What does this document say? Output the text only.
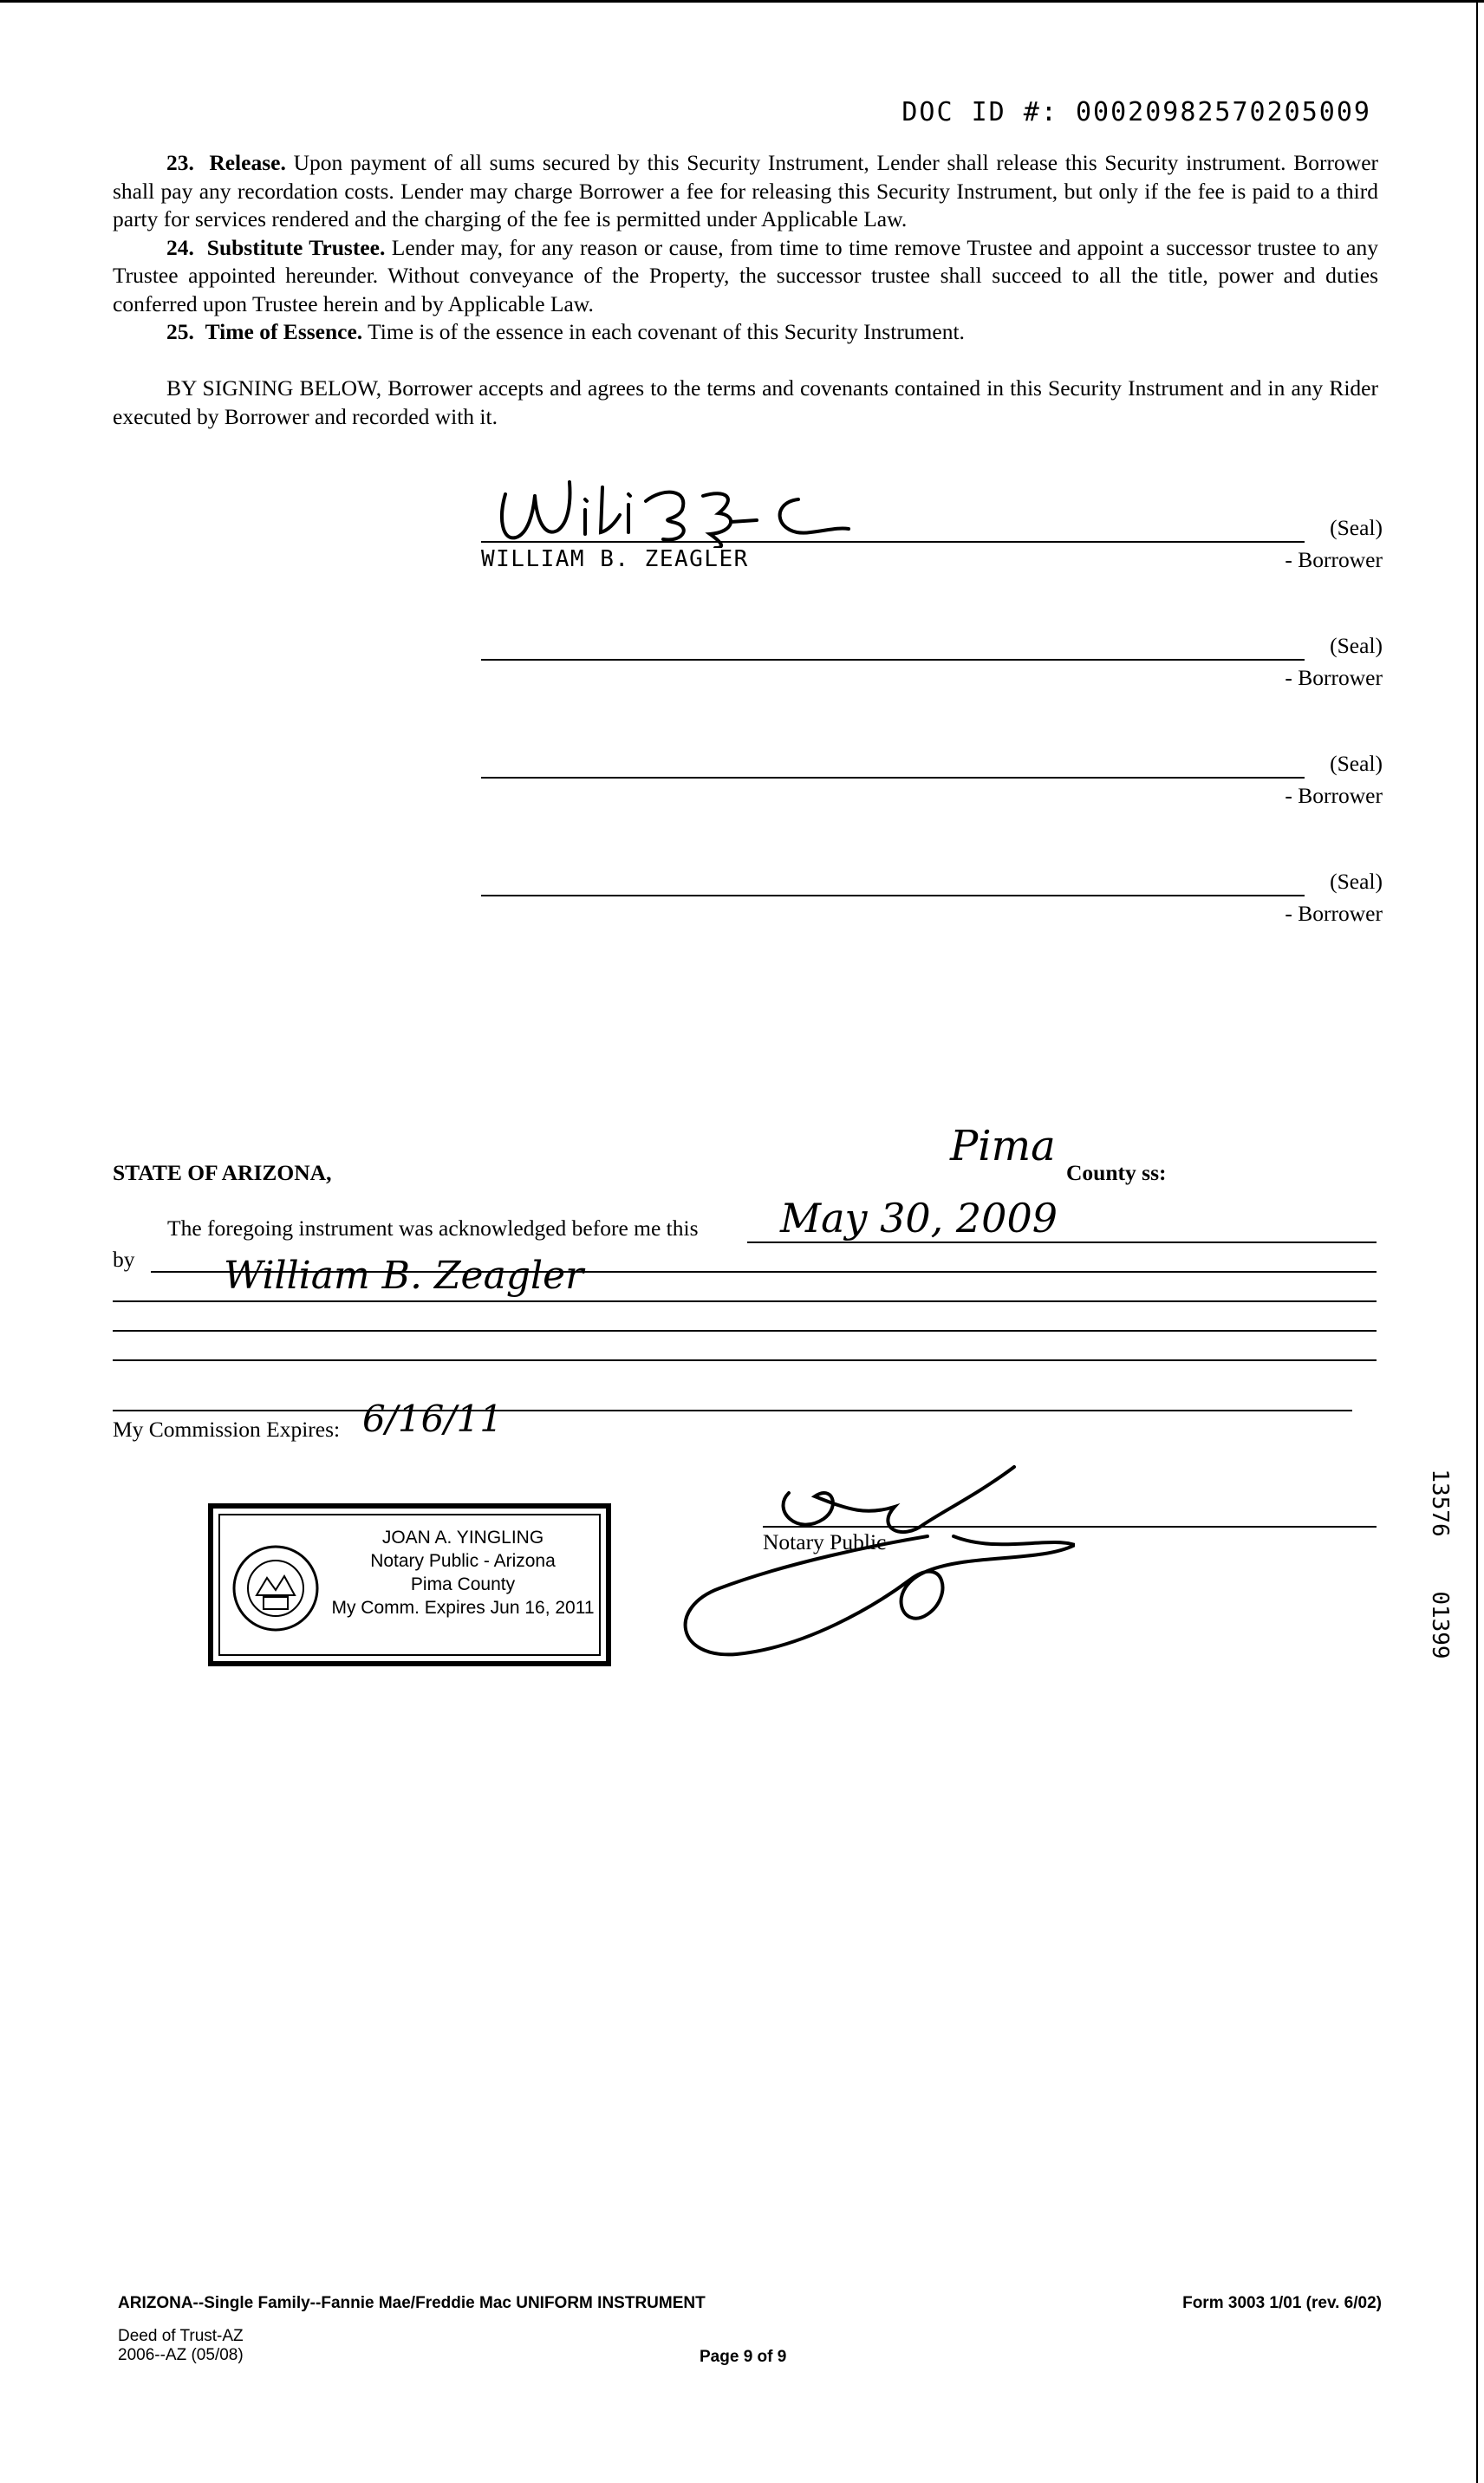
DOC ID #: 00020982570205009

23. Release. Upon payment of all sums secured by this Security Instrument, Lender shall release this Security instrument. Borrower shall pay any recordation costs. Lender may charge Borrower a fee for releasing this Security Instrument, but only if the fee is paid to a third party for services rendered and the charging of the fee is permitted under Applicable Law.

24. Substitute Trustee. Lender may, for any reason or cause, from time to time remove Trustee and appoint a successor trustee to any Trustee appointed hereunder. Without conveyance of the Property, the successor trustee shall succeed to all the title, power and duties conferred upon Trustee herein and by Applicable Law.

25. Time of Essence. Time is of the essence in each covenant of this Security Instrument.

BY SIGNING BELOW, Borrower accepts and agrees to the terms and covenants contained in this Security Instrument and in any Rider executed by Borrower and recorded with it.

(Seal)
- Borrower
WILLIAM B. ZEAGLER
(Seal)
- Borrower
(Seal)
- Borrower
(Seal)
- Borrower
STATE OF ARIZONA,
Pima
County ss:
The foregoing instrument was acknowledged before me this May 30, 2009
by William B. Zeagler
My Commission Expires: 6/16/11
Notary Public
JOAN A. YINGLING
Notary Public - Arizona
Pima County
My Comm. Expires Jun 16, 2011
13576    01399
ARIZONA--Single Family--Fannie Mae/Freddie Mac UNIFORM INSTRUMENT	Form 3003 1/01 (rev. 6/02)
Deed of Trust-AZ
2006--AZ (05/08)	Page 9 of 9
